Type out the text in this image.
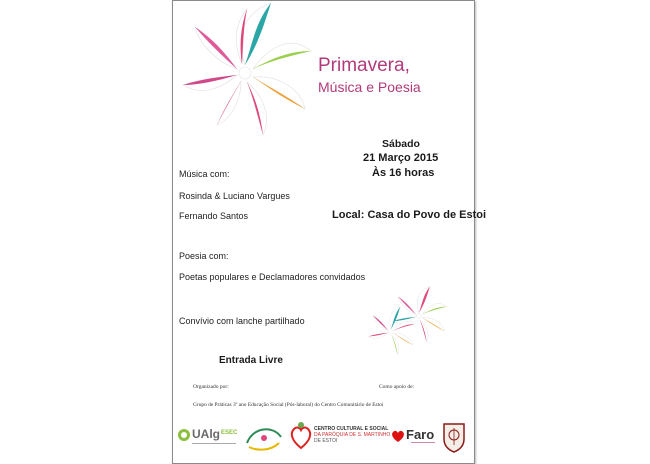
Primavera,
Música e Poesia
Sábado
21 Março 2015
Às 16 horas
Local: Casa do Povo de Estoi
Música com:
Rosinda & Luciano Vargues
Fernando Santos
Poesia com:
Poetas populares e Declamadores convidados
Convívio com lanche partilhado
Entrada Livre
Organizado por:	Como apoio de:
Grupo de Práticas 3º ano Educação Social (Pós-laboral) do Centro Comunitário de Estoi
UAlg ESEC
CENTRO CULTURAL E SOCIAL
DA PARÓQUIA DE S. MARTINHO
DE ESTOI	Faro
